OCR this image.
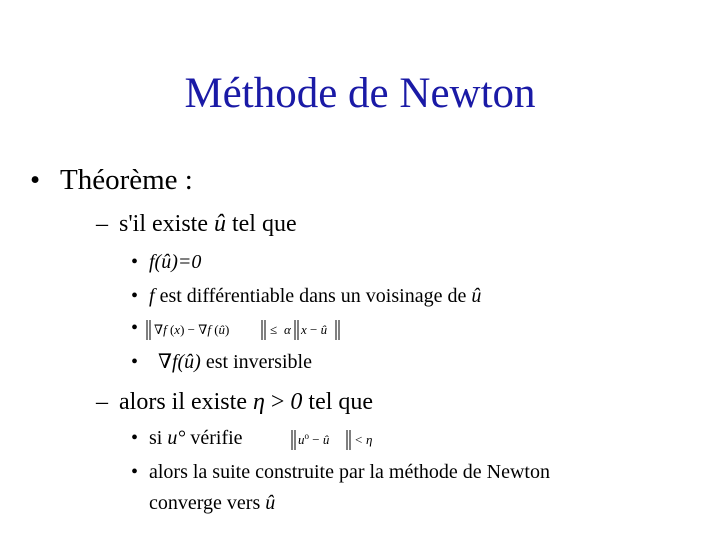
Méthode de Newton
• Théorème :
– s'il existe û tel que
• f(û)=0
• f est différentiable dans un voisinage de û
• ∇f (x) − ∇f (û)	≤ α x − û
• ∇f(û) est inversible
– alors il existe η > 0 tel que
• si u° vérifie	$u^o$ − û < η
• alors la suite construite par la méthode de Newton
converge vers û
